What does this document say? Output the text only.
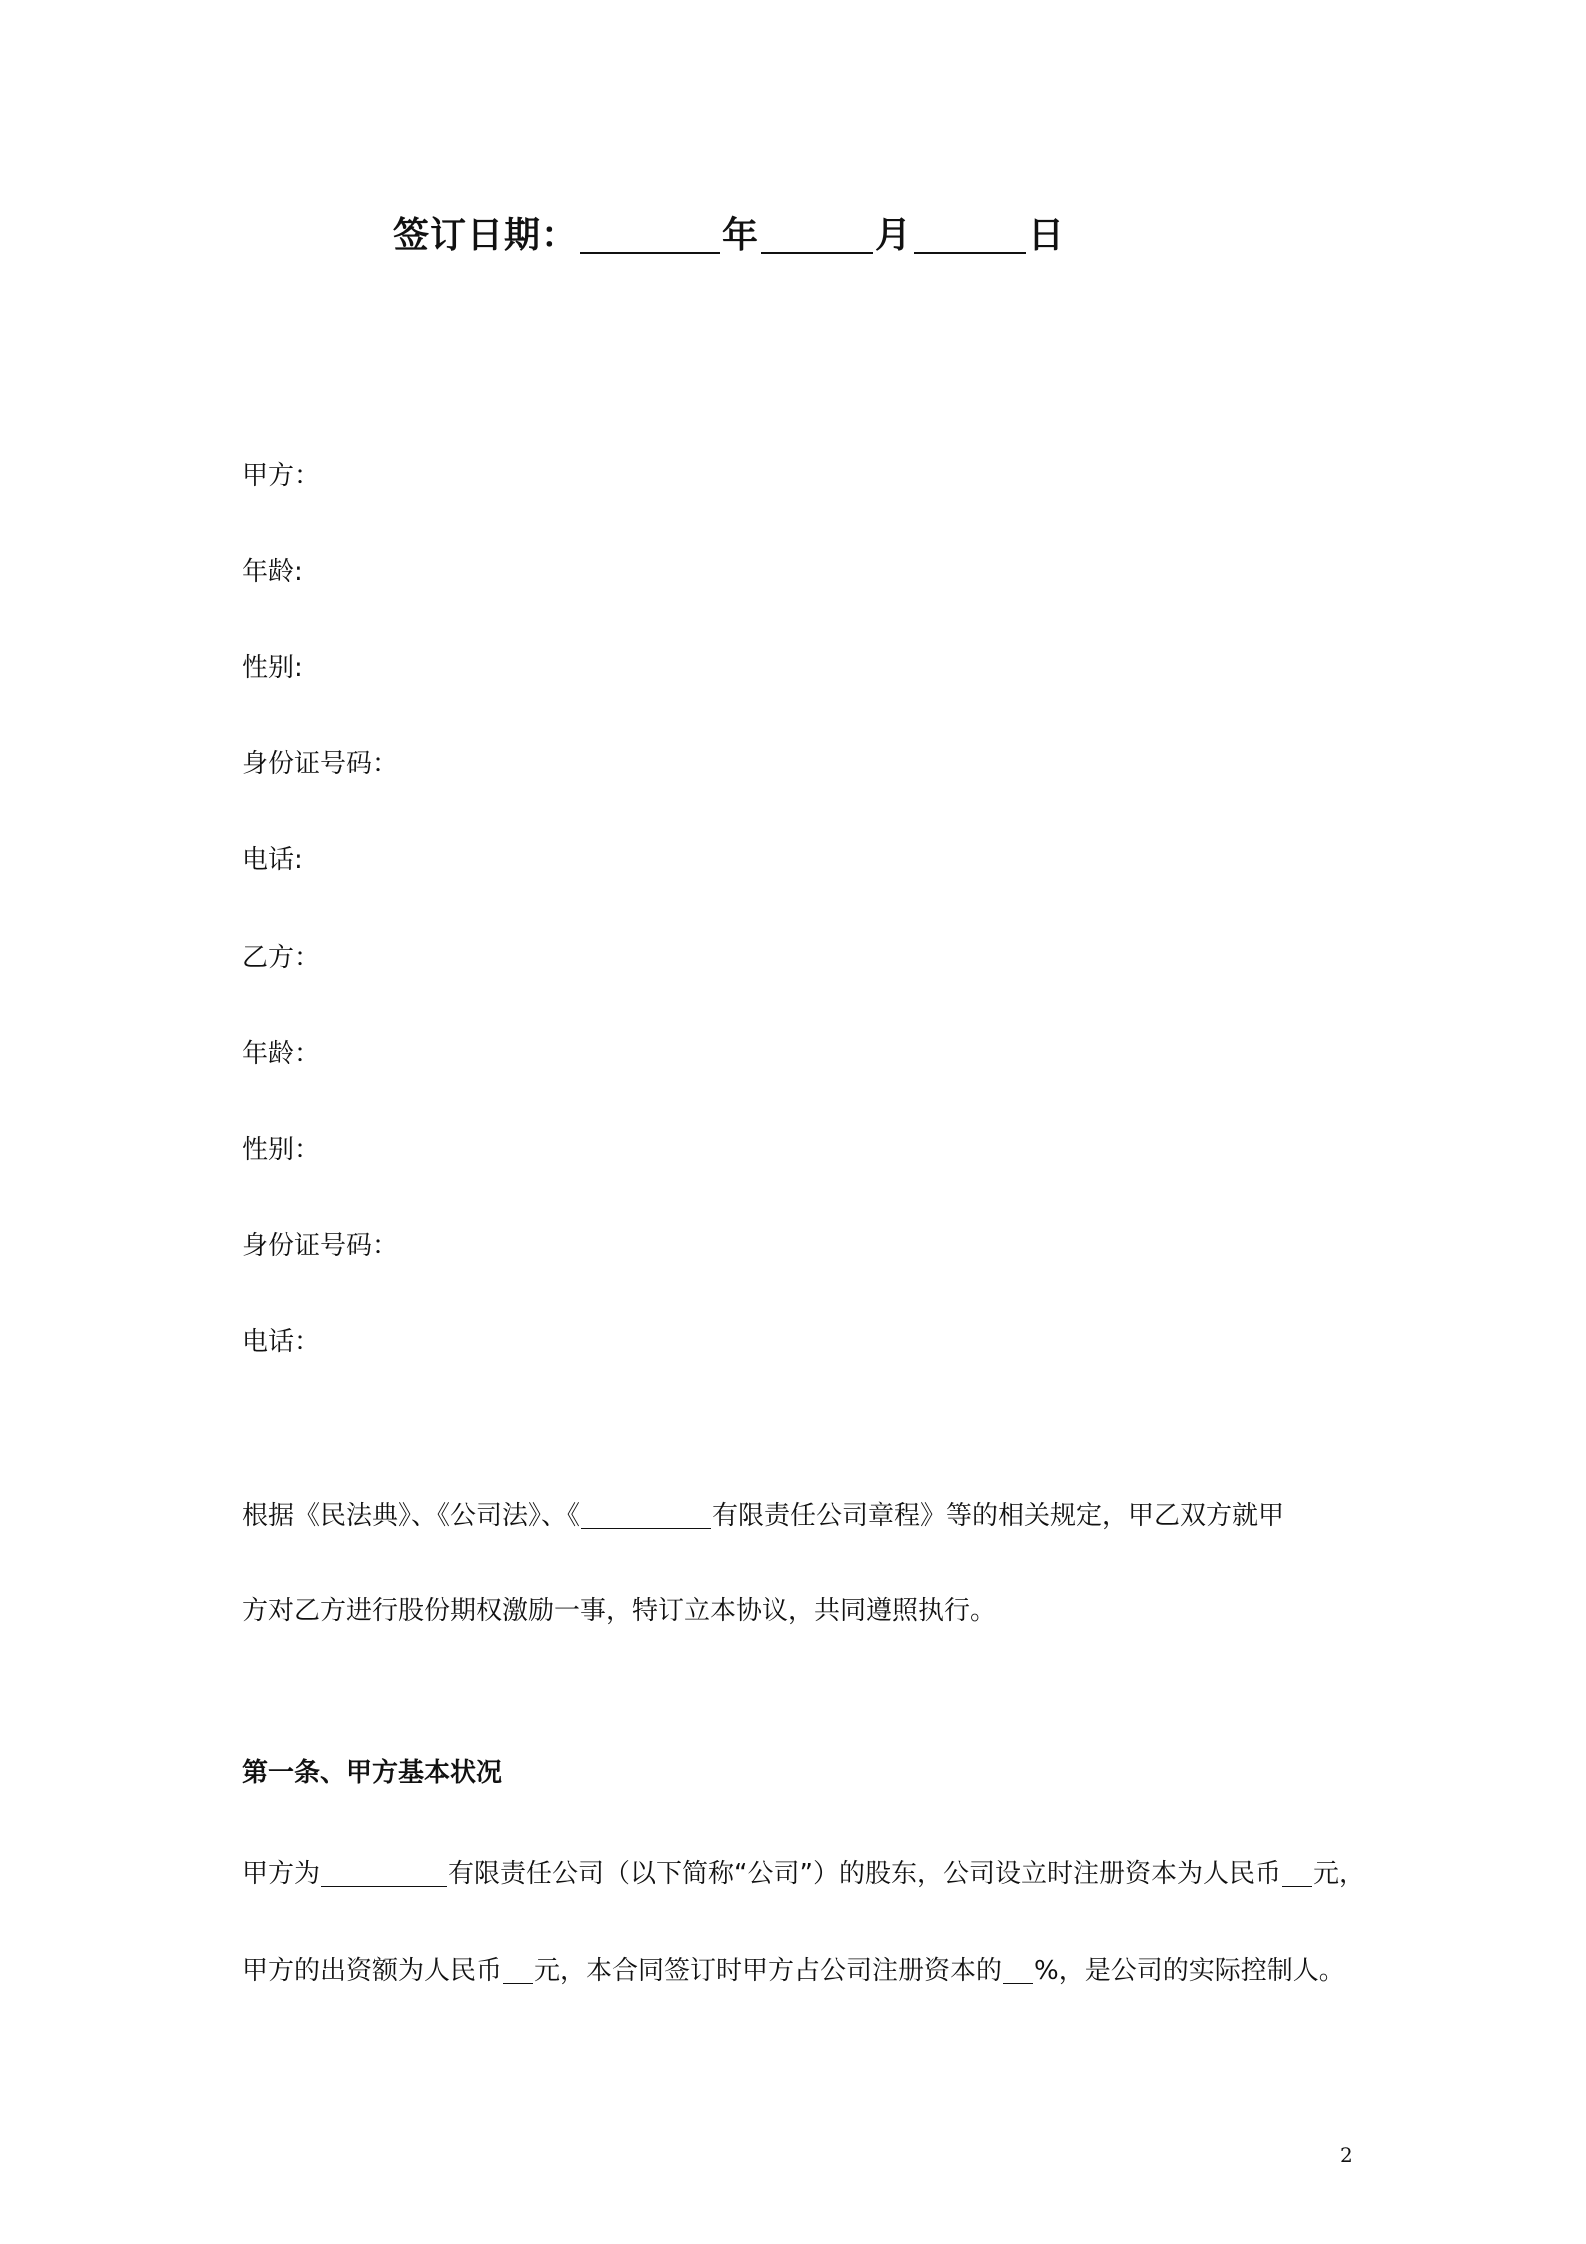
签订日期：	年	月	日
甲方：
年龄:
性别:
身份证号码：
电话:
乙方：
年龄：
性别：
身份证号码：
电话：
根据《民法典》、《公司法》、《	有限责任公司章程》等的相关规定，甲乙双方就甲
方对乙方进行股份期权激励一事，特订立本协议，共同遵照执行。
第一条、甲方基本状况
甲方为	有限责任公司（以下简称“公司”）的股东，公司设立时注册资本为人民币 元，
甲方的出资额为人民币 元，本合同签订时甲方占公司注册资本的 %，是公司的实际控制人。
2
